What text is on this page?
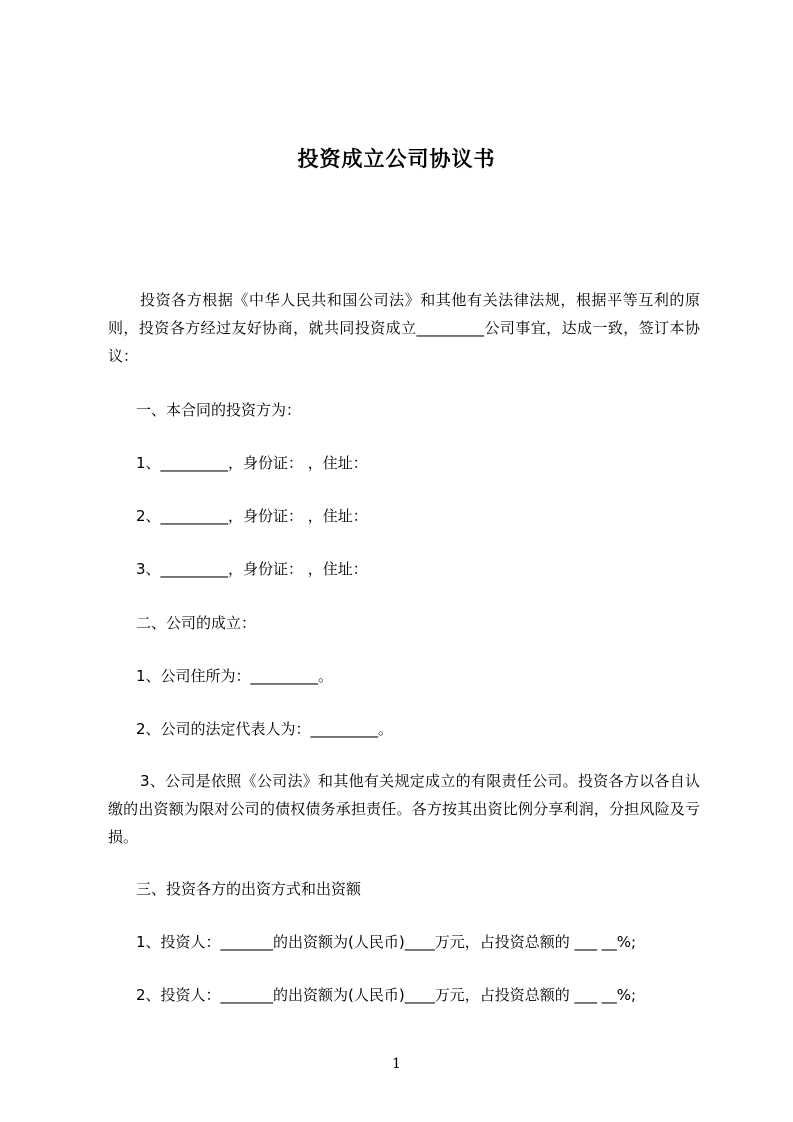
投资成立公司协议书
投资各方根据《中华人民共和国公司法》和其他有关法律法规，根据平等互利的原则，投资各方经过友好协商，就共同投资成立_________公司事宜，达成一致，签订本协议：
一、本合同的投资方为：
1、_________，身份证： ，住址：
2、_________，身份证： ，住址：
3、_________，身份证： ，住址：
二、公司的成立：
1、公司住所为：_________。
2、公司的法定代表人为：_________。
3、公司是依照《公司法》和其他有关规定成立的有限责任公司。投资各方以各自认缴的出资额为限对公司的债权债务承担责任。各方按其出资比例分享利润，分担风险及亏损。
三、投资各方的出资方式和出资额
1、投资人：_______的出资额为(人民币)____万元，占投资总额的 ___ __%;
2、投资人：_______的出资额为(人民币)____万元，占投资总额的 ___ __%;
1
